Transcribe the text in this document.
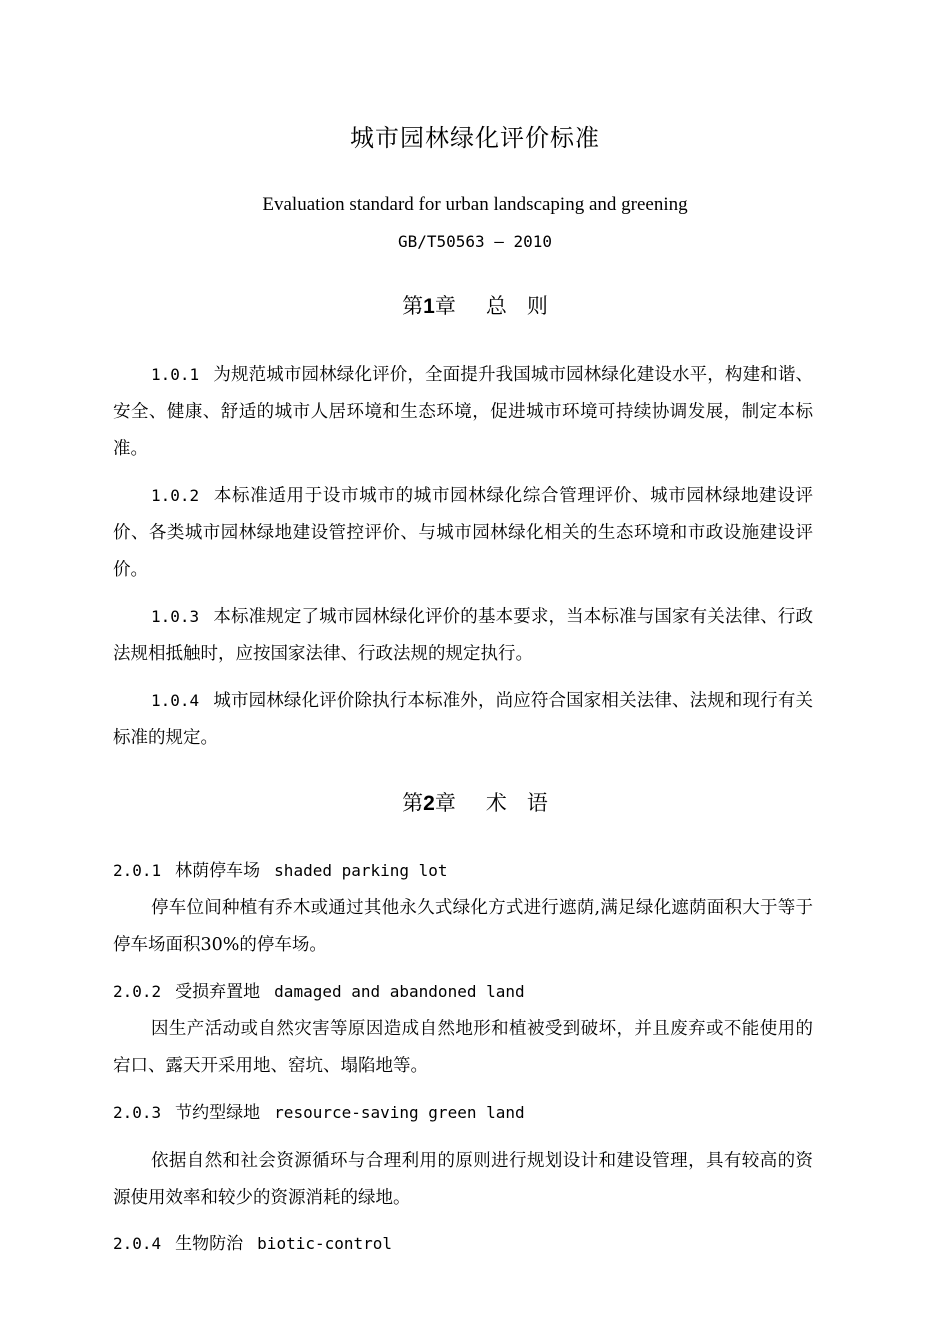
城市园林绿化评价标准
Evaluation standard for urban landscaping and greening
GB/T50563 — 2010
第1章 总 则
1.0.1 为规范城市园林绿化评价，全面提升我国城市园林绿化建设水平，构建和谐、安全、健康、舒适的城市人居环境和生态环境，促进城市环境可持续协调发展，制定本标准。
1.0.2 本标准适用于设市城市的城市园林绿化综合管理评价、城市园林绿地建设评价、各类城市园林绿地建设管控评价、与城市园林绿化相关的生态环境和市政设施建设评价。
1.0.3 本标准规定了城市园林绿化评价的基本要求，当本标准与国家有关法律、行政法规相抵触时，应按国家法律、行政法规的规定执行。
1.0.4 城市园林绿化评价除执行本标准外，尚应符合国家相关法律、法规和现行有关标准的规定。
第2章 术 语
2.0.1 林荫停车场 shaded parking lot
停车位间种植有乔木或通过其他永久式绿化方式进行遮荫,满足绿化遮荫面积大于等于停车场面积30%的停车场。
2.0.2 受损弃置地 damaged and abandoned land
因生产活动或自然灾害等原因造成自然地形和植被受到破坏，并且废弃或不能使用的宕口、露天开采用地、窑坑、塌陷地等。
2.0.3 节约型绿地 resource-saving green land
依据自然和社会资源循环与合理利用的原则进行规划设计和建设管理，具有较高的资源使用效率和较少的资源消耗的绿地。
2.0.4 生物防治 biotic-control
